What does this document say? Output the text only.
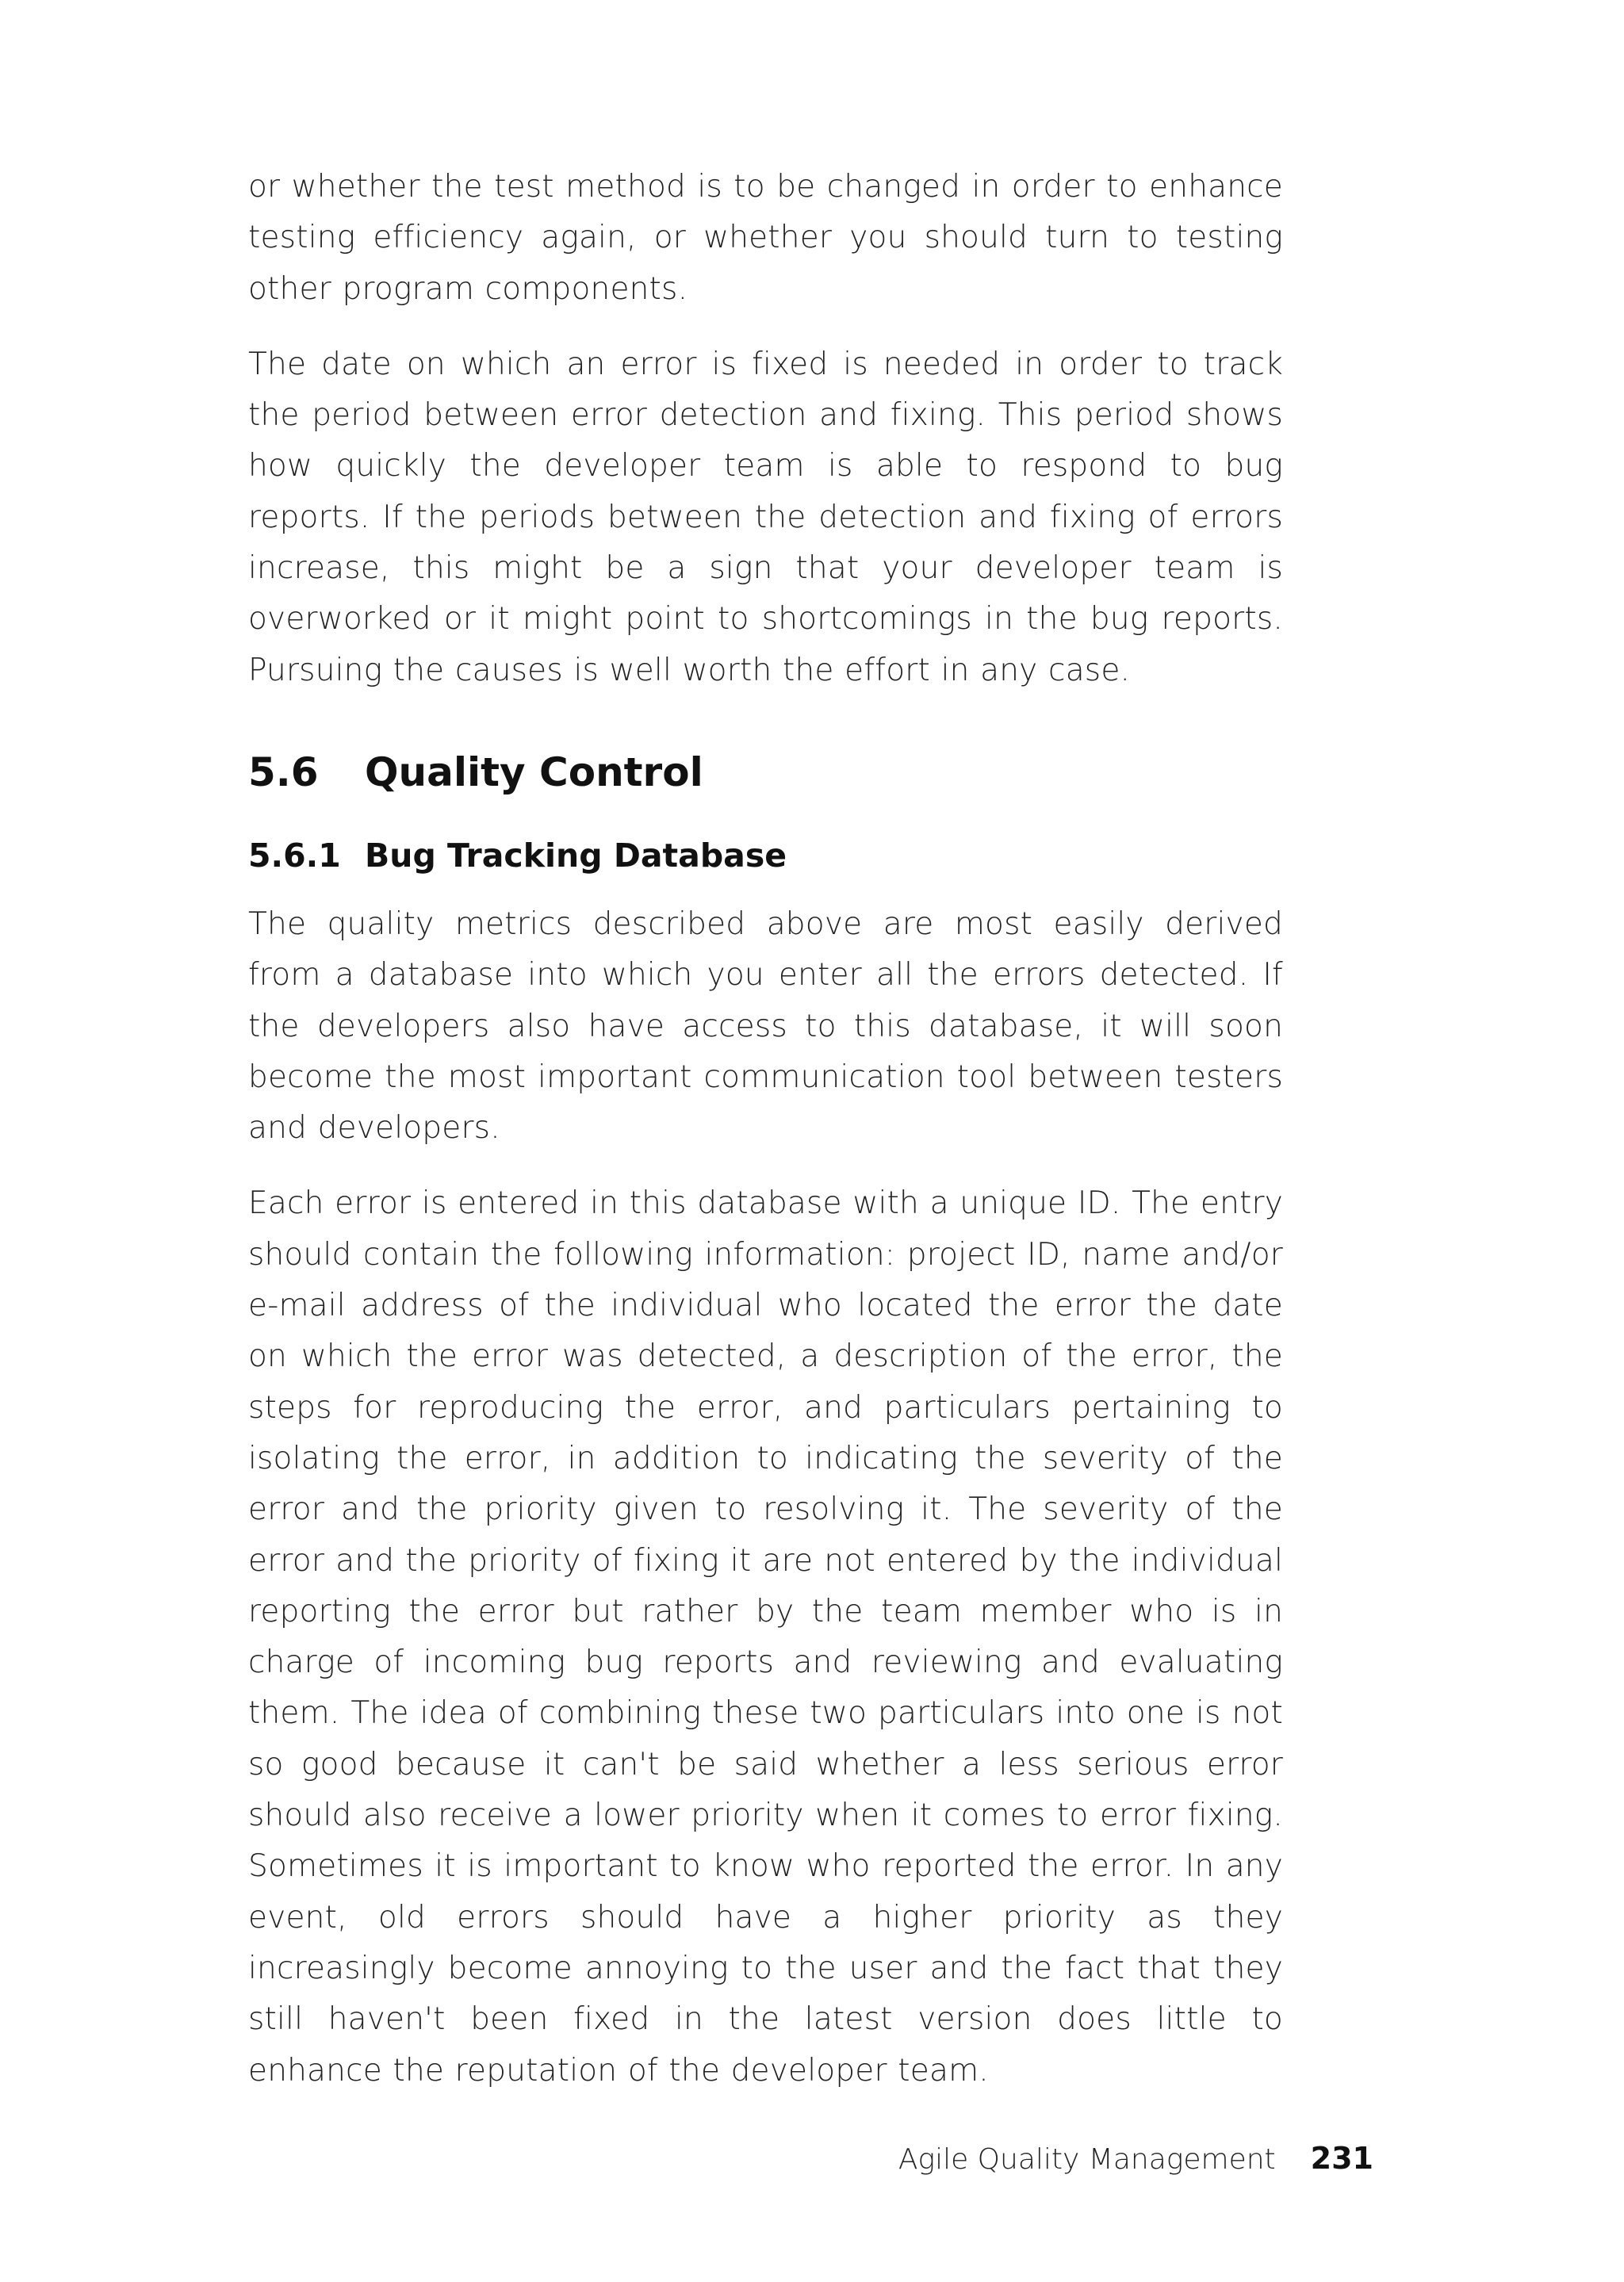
or whether the test method is to be changed in order to enhance testing efficiency again, or whether you should turn to testing other program components.

The date on which an error is fixed is needed in order to track the period between error detection and fixing. This period shows how quickly the developer team is able to respond to bug reports. If the periods between the detection and fixing of errors increase, this might be a sign that your developer team is overworked or it might point to shortcomings in the bug reports. Pursuing the causes is well worth the effort in any case.

5.6	Quality Control
5.6.1 Bug Tracking Database

The quality metrics described above are most easily derived from a database into which you enter all the errors detected. If the developers also have access to this database, it will soon become the most important communication tool between testers and developers.

Each error is entered in this database with a unique ID. The entry should contain the following information: project ID, name and/or e-mail address of the individual who located the error the date on which the error was detected, a description of the error, the steps for reproducing the error, and particulars pertaining to isolating the error, in addition to indicating the severity of the error and the priority given to resolving it. The severity of the error and the priority of fixing it are not entered by the individual reporting the error but rather by the team member who is in charge of incoming bug reports and reviewing and evaluating them. The idea of combining these two particulars into one is not so good because it can't be said whether a less serious error should also receive a lower priority when it comes to error fixing. Sometimes it is important to know who reported the error. In any event, old errors should have a higher priority as they increasingly become annoying to the user and the fact that they still haven't been fixed in the latest version does little to enhance the reputation of the developer team.

Agile Quality Management 231
